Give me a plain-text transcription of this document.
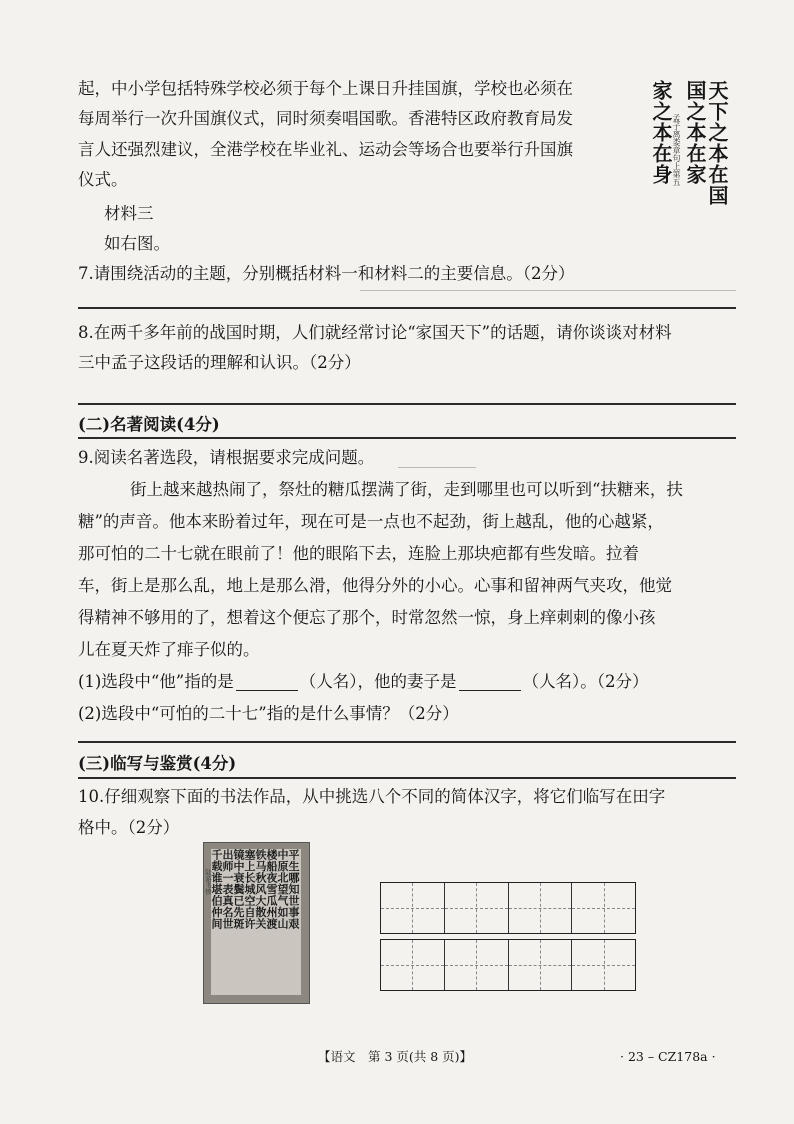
起，中小学包括特殊学校必须于每个上课日升挂国旗，学校也必须在
每周举行一次升国旗仪式，同时须奏唱国歌。香港特区政府教育局发
言人还强烈建议，全港学校在毕业礼、运动会等场合也要举行升国旗
仪式。	天下之本在国
国之本在家
家之本在身 孟子离娄章句上第五
材料三
如右图。
7.请围绕活动的主题，分别概括材料一和材料二的主要信息。（2分）
8.在两千多年前的战国时期，人们就经常讨论“家国天下”的话题，请你谈谈对材料
三中孟子这段话的理解和认识。（2分）
(二)名著阅读(4分)
9.阅读名著选段，请根据要求完成问题。
街上越来越热闹了，祭灶的糖瓜摆满了街，走到哪里也可以听到“扶糖来，扶
糖”的声音。他本来盼着过年，现在可是一点也不起劲，街上越乱，他的心越紧，
那可怕的二十七就在眼前了！他的眼陷下去，连脸上那块疤都有些发暗。拉着
车，街上是那么乱，地上是那么滑，他得分外的小心。心事和留神两气夹攻，他觉
得精神不够用的了，想着这个便忘了那个，时常忽然一惊，身上痒刺刺的像小孩
儿在夏天炸了痱子似的。
(1)选段中“他”指的是	（人名），他的妻子是	（人名）。（2分）
(2)选段中“可怕的二十七”指的是什么事情？（2分）
(三)临写与鉴赏(4分)
10.仔细观察下面的书法作品，从中挑选八个不同的简体汉字，将它们临写在田字
格中。（2分）
平生哪知世事艰
中原北望气如山
楼船夜雪瓜州渡
铁马秋风大散关
塞上长城空自许
镜中衰鬓已先斑
出师一表真名世
千载谁堪伯仲间
陆游书愤
【语文　第 3 页(共 8 页)】	· 23 – CZ178a ·
